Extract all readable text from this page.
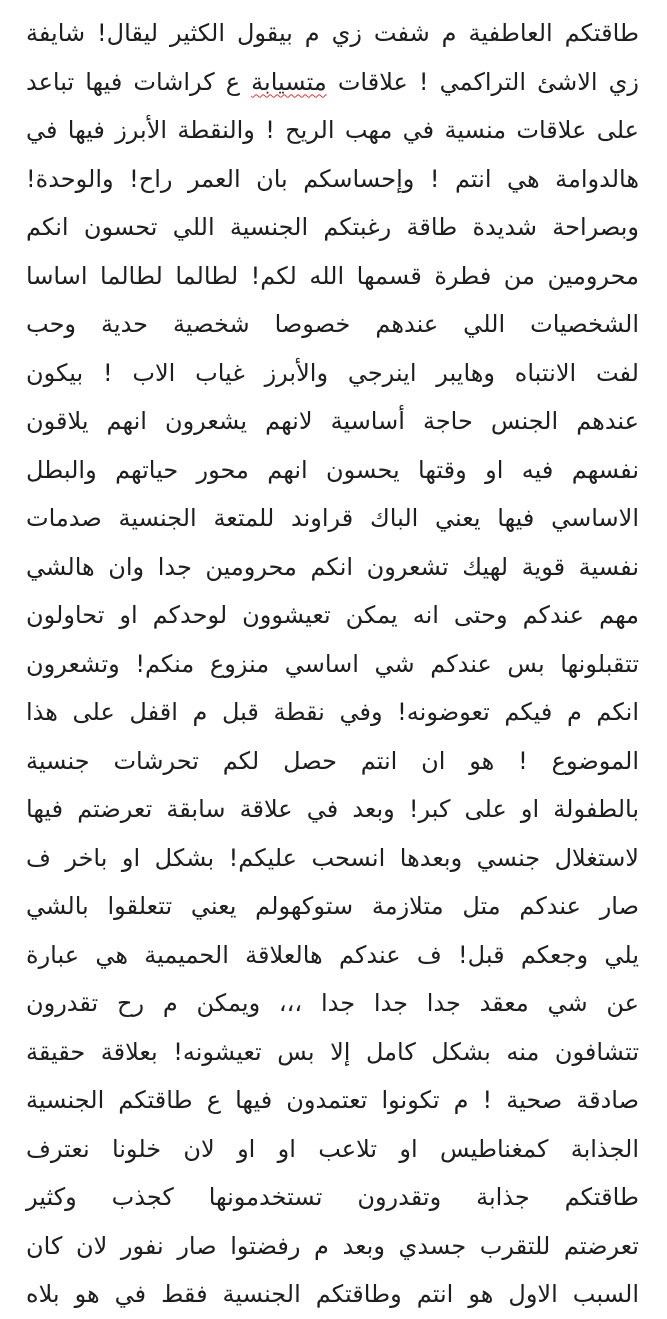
طاقتكم العاطفية م شفت زي م بيقول الكثير ليقال! شايفة
زي الاشئ التراكمي ! علاقات متسيابة ع كراشات فيها تباعد
على علاقات منسية في مهب الريح ! والنقطة الأبرز فيها في
هالدوامة هي انتم ! وإحساسكم بان العمر راح! والوحدة!
وبصراحة شديدة طاقة رغبتكم الجنسية اللي تحسون انكم
محرومين من فطرة قسمها الله لكم! لطالما لطالما اساسا
الشخصيات اللي عندهم خصوصا شخصية حدية وحب
لفت الانتباه وهايبر اينرجي والأبرز غياب الاب ! بيكون
عندهم الجنس حاجة أساسية لانهم يشعرون انهم يلاقون
نفسهم فيه او وقتها يحسون انهم محور حياتهم والبطل
الاساسي فيها يعني الباك قراوند للمتعة الجنسية صدمات
نفسية قوية لهيك تشعرون انكم محرومين جدا وان هالشي
مهم عندكم وحتى انه يمكن تعيشوون لوحدكم او تحاولون
تتقبلونها بس عندكم شي اساسي منزوع منكم! وتشعرون
انكم م فيكم تعوضونه! وفي نقطة قبل م اقفل على هذا
الموضوع ! هو ان انتم حصل لكم تحرشات جنسية
بالطفولة او على كبر! وبعد في علاقة سابقة تعرضتم فيها
لاستغلال جنسي وبعدها انسحب عليكم! بشكل او باخر ف
صار عندكم متل متلازمة ستوكهولم يعني تتعلقوا بالشي
يلي وجعكم قبل! ف عندكم هالعلاقة الحميمية هي عبارة
عن شي معقد جدا جدا جدا ،،، ويمكن م رح تقدرون
تتشافون منه بشكل كامل إلا بس تعيشونه! بعلاقة حقيقة
صادقة صحية ! م تكونوا تعتمدون فيها ع طاقتكم الجنسية
الجذابة كمغناطيس او تلاعب او او لان خلونا نعترف
طاقتكم جذابة وتقدرون تستخدمونها كجذب وكثير
تعرضتم للتقرب جسدي وبعد م رفضتوا صار نفور لان كان
السبب الاول هو انتم وطاقتكم الجنسية فقط في هو بلاه
